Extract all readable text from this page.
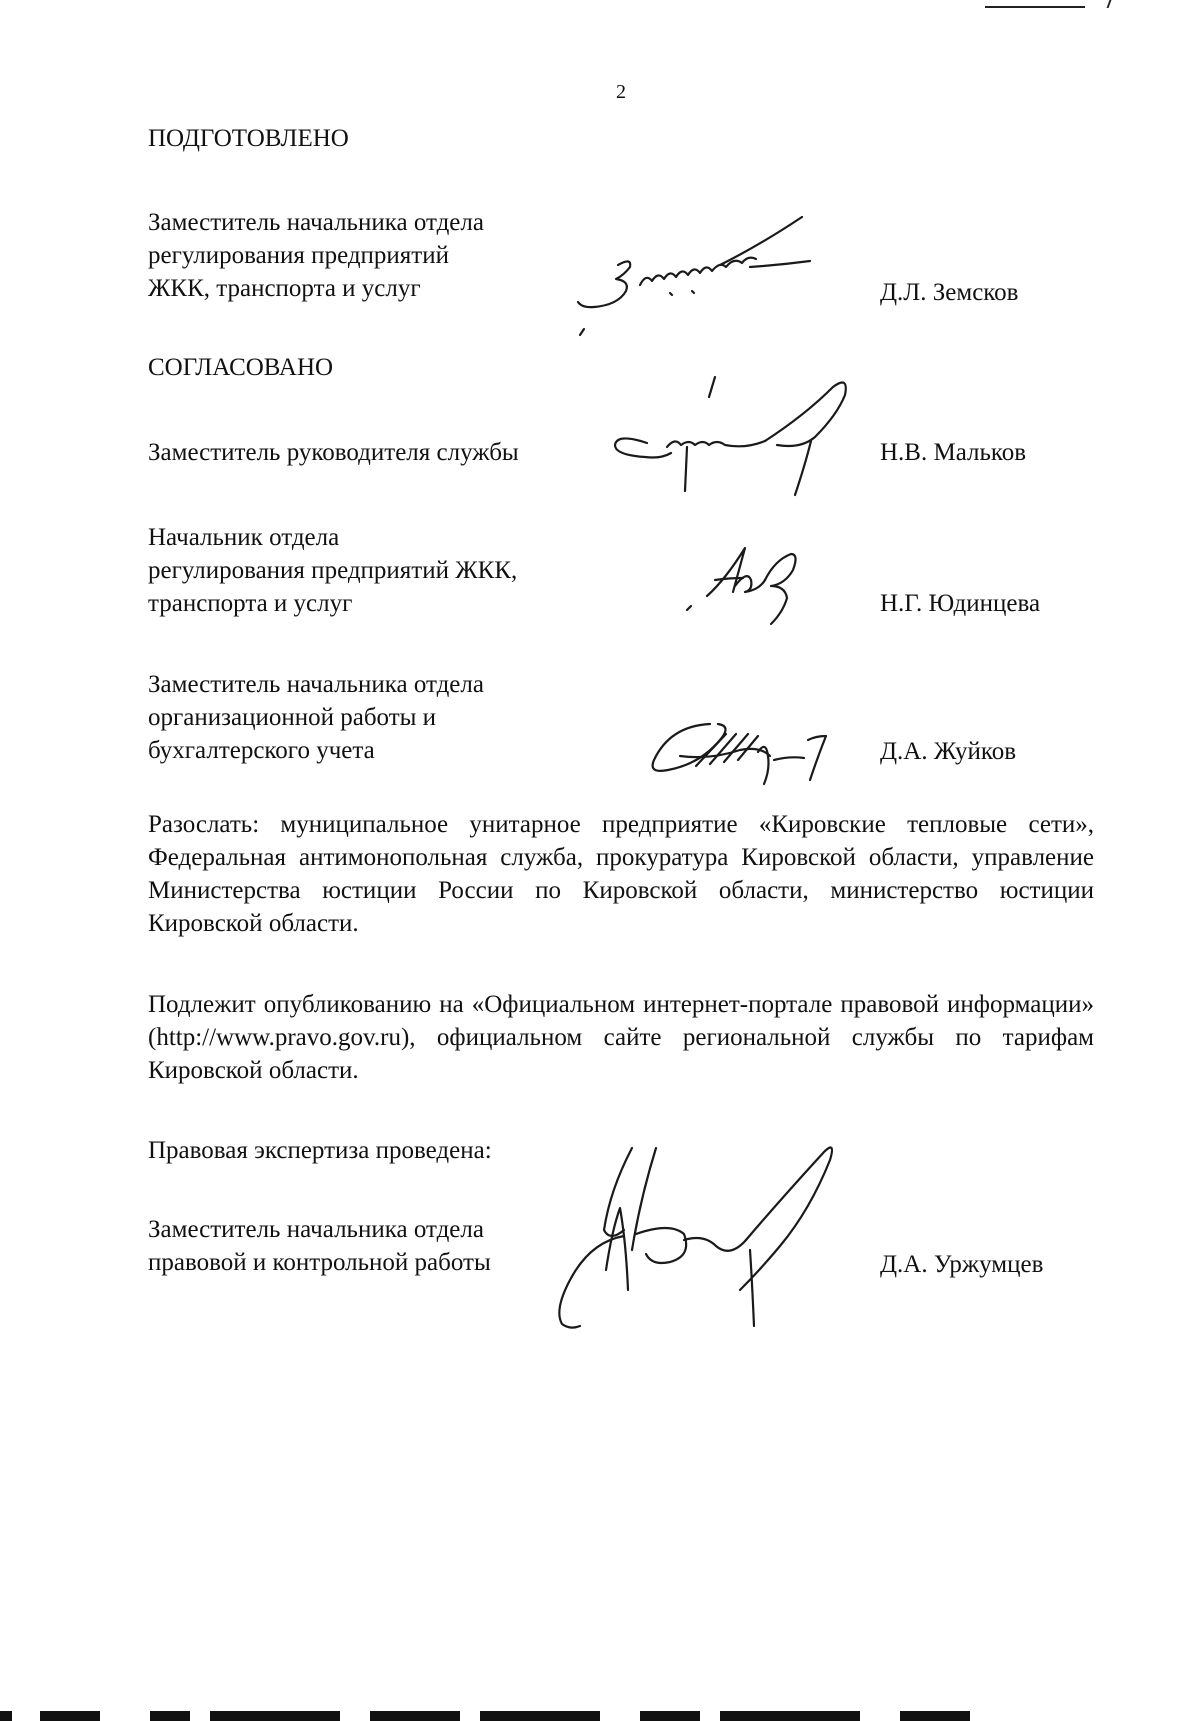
2
ПОДГОТОВЛЕНО
Заместитель начальника отдела
регулирования предприятий
ЖКК, транспорта и услуг	Д.Л. Земсков
СОГЛАСОВАНО
Заместитель руководителя службы	Н.В. Мальков
Начальник отдела
регулирования предприятий ЖКК,
транспорта и услуг	Н.Г. Юдинцева
Заместитель начальника отдела
организационной работы и
бухгалтерского учета	Д.А. Жуйков

Разослать: муниципальное унитарное предприятие «Кировские тепловые сети», Федеральная антимонопольная служба, прокуратура Кировской области, управление Министерства юстиции России по Кировской области, министерство юстиции Кировской области.

Подлежит опубликованию на «Официальном интернет-портале правовой информации» (http://www.pravo.gov.ru), официальном сайте региональной службы по тарифам Кировской области.

Правовая экспертиза проведена:
Заместитель начальника отдела
правовой и контрольной работы	Д.А. Уржумцев
